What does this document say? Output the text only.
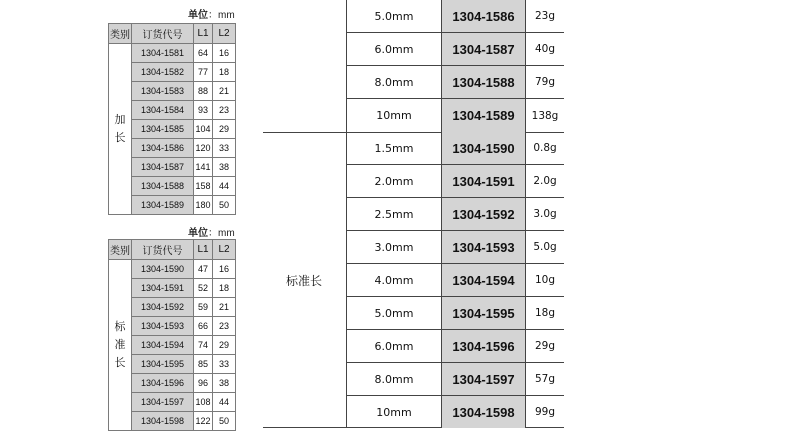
单位：mm
类别	订货代号	L1	L2

加
长	1304-1581	64	16
	1304-1582	77	18
	1304-1583	88	21
	1304-1584	93	23
	1304-1585	104	29
	1304-1586	120	33
	1304-1587	141	38
	1304-1588	158	44
	1304-1589	180	50
单位：mm
类别	订货代号	L1	L2

标
准
长	1304-1590	47	16
	1304-1591	52	18
	1304-1592	59	21
	1304-1593	66	23
	1304-1594	74	29
	1304-1595	85	33
	1304-1596	96	38
	1304-1597	108	44
	1304-1598	122	50
标准长
5.0mm	1304-1586	23g
6.0mm	1304-1587	40g
8.0mm	1304-1588	79g
10mm	1304-1589	138g
1.5mm	1304-1590	0.8g
2.0mm	1304-1591	2.0g
2.5mm	1304-1592	3.0g
3.0mm	1304-1593	5.0g
4.0mm	1304-1594	10g
5.0mm	1304-1595	18g
6.0mm	1304-1596	29g
8.0mm	1304-1597	57g
10mm	1304-1598	99g
